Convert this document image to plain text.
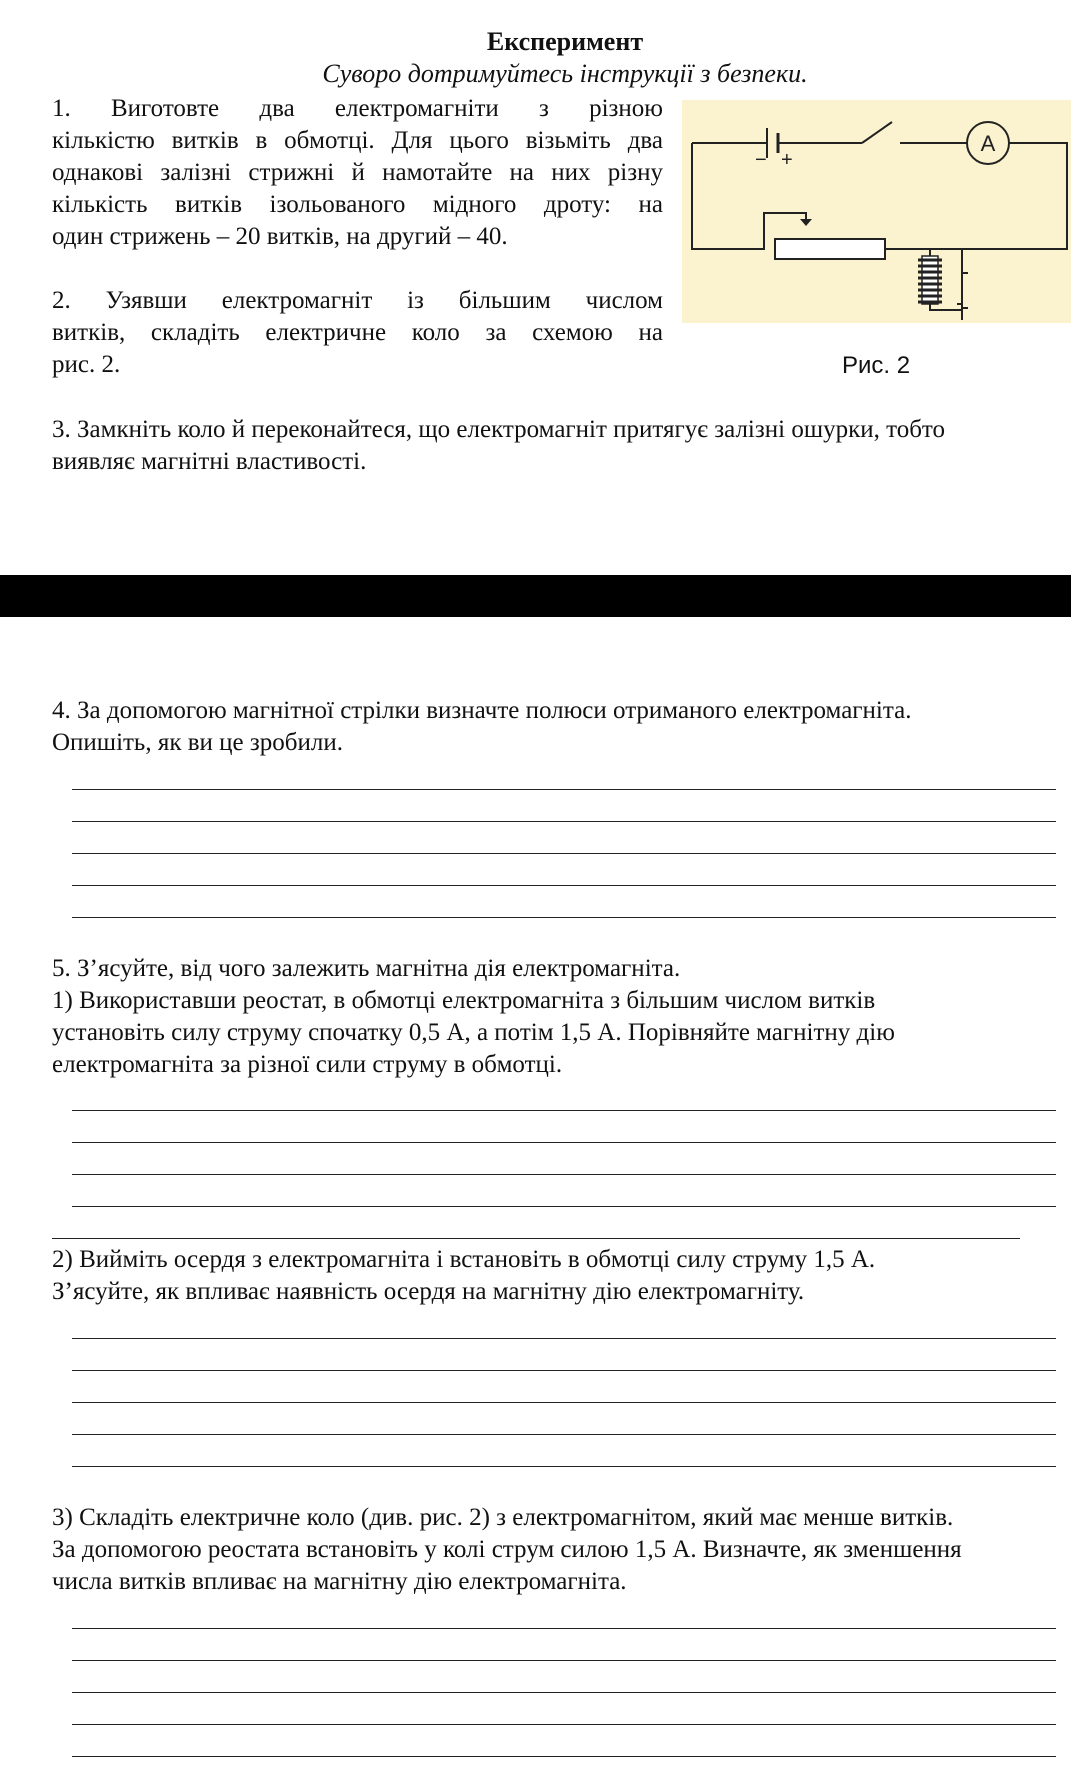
Експеримент
Суворо дотримуйтесь інструкції з безпеки.
1. Виготовте два електромагніти з різною
кількістю витків в обмотці. Для цього візьміть два
однакові залізні стрижні й намотайте на них різну
кількість витків ізольованого мідного дроту: на
один стрижень – 20 витків, на другий – 40.
2. Узявши електромагніт із більшим числом
витків, складіть електричне коло за схемою на
рис. 2.
− +
A
Рис. 2
3. Замкніть коло й переконайтеся, що електромагніт притягує залізні ошурки, тобто
виявляє магнітні властивості.
4. За допомогою магнітної стрілки визначте полюси отриманого електромагніта.
Опишіть, як ви це зробили.
5. З’ясуйте, від чого залежить магнітна дія електромагніта.
1) Використавши реостат, в обмотці електромагніта з більшим числом витків
установіть силу струму спочатку 0,5 А, а потім 1,5 А. Порівняйте магнітну дію
електромагніта за різної сили струму в обмотці.
2) Вийміть осердя з електромагніта і встановіть в обмотці силу струму 1,5 А.
З’ясуйте, як впливає наявність осердя на магнітну дію електромагніту.
3) Складіть електричне коло (див. рис. 2) з електромагнітом, який має менше витків.
За допомогою реостата встановіть у колі струм силою 1,5 А. Визначте, як зменшення
числа витків впливає на магнітну дію електромагніта.
